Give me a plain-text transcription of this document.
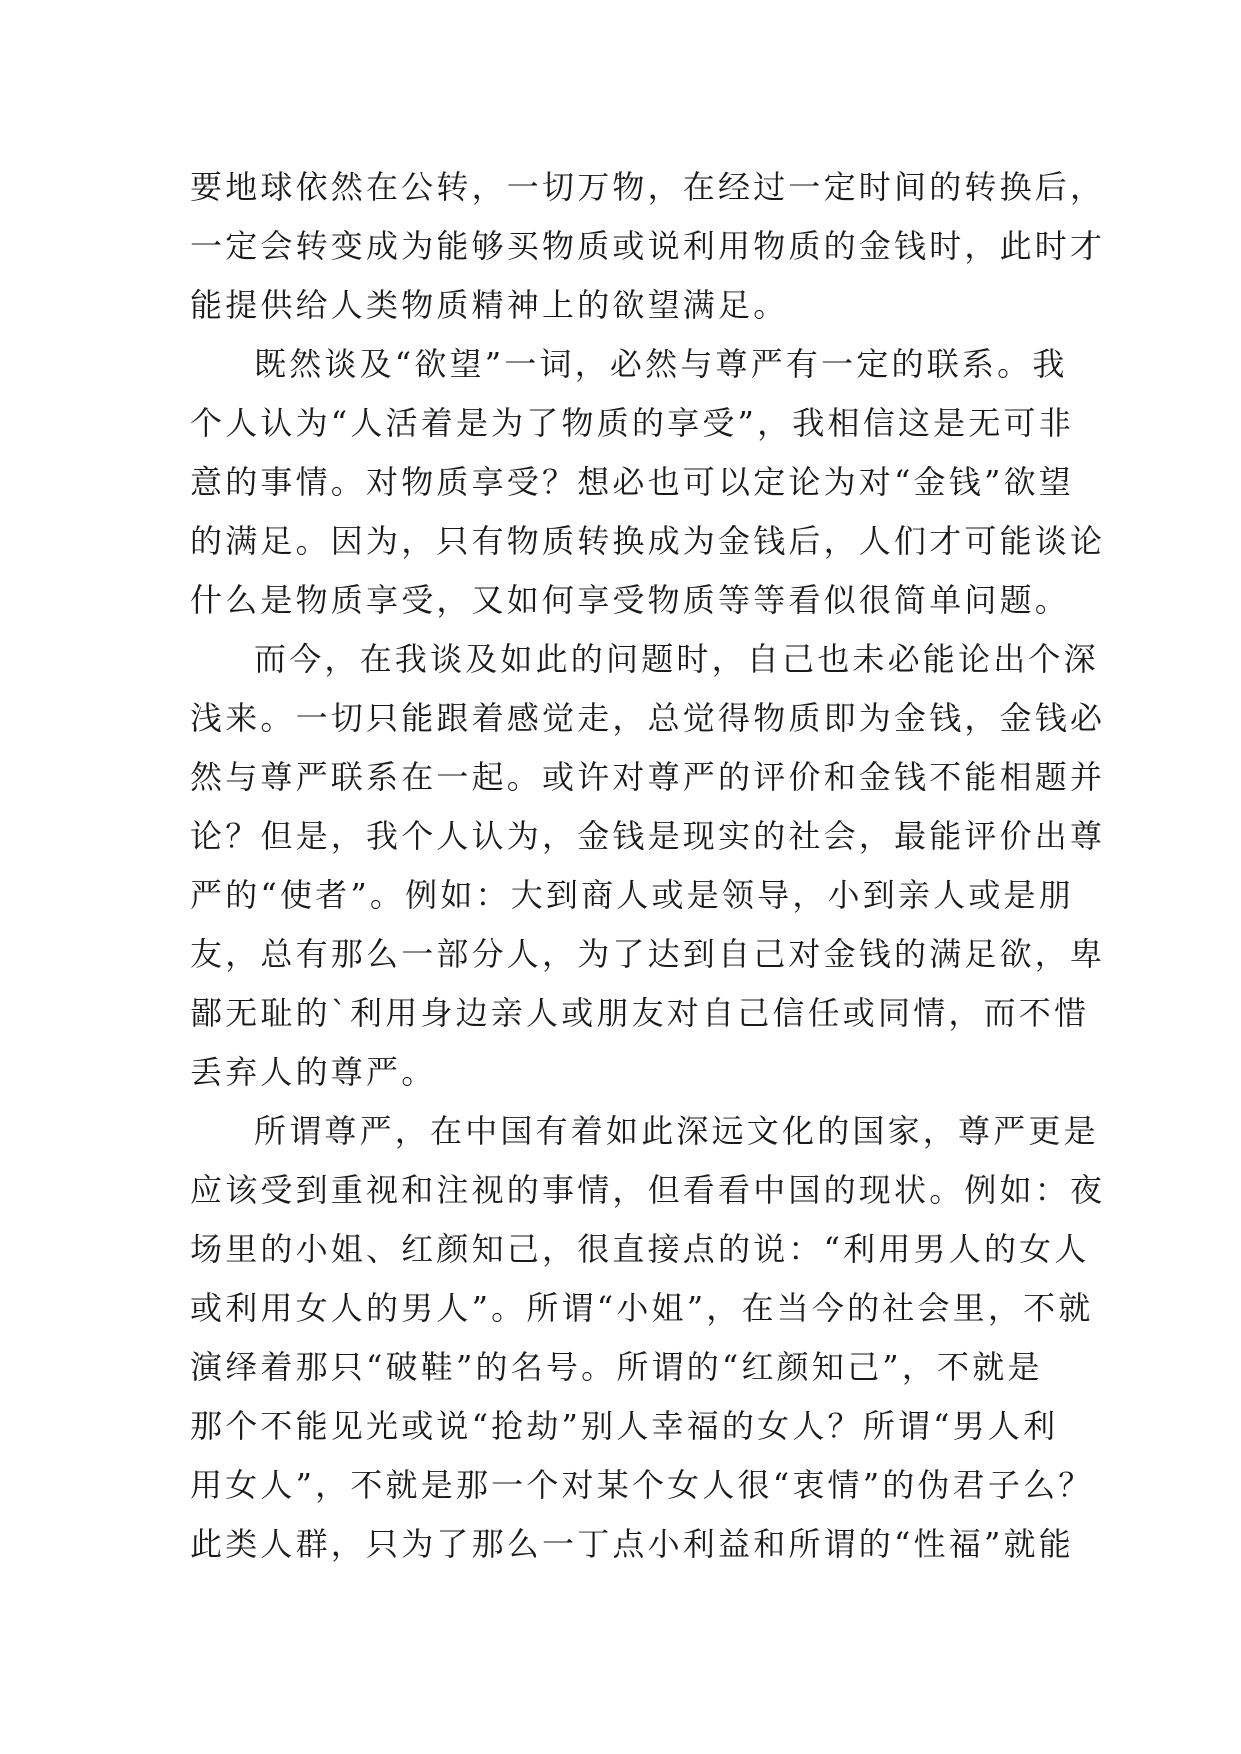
要地球依然在公转，一切万物，在经过一定时间的转换后，
一定会转变成为能够买物质或说利用物质的金钱时，此时才
能提供给人类物质精神上的欲望满足。
既然谈及“欲望”一词，必然与尊严有一定的联系。我
个人认为“人活着是为了物质的享受”，我相信这是无可非
意的事情。对物质享受？想必也可以定论为对“金钱”欲望
的满足。因为，只有物质转换成为金钱后，人们才可能谈论
什么是物质享受，又如何享受物质等等看似很简单问题。
而今，在我谈及如此的问题时，自己也未必能论出个深
浅来。一切只能跟着感觉走，总觉得物质即为金钱，金钱必
然与尊严联系在一起。或许对尊严的评价和金钱不能相题并
论？但是，我个人认为，金钱是现实的社会，最能评价出尊
严的“使者”。例如：大到商人或是领导，小到亲人或是朋
友，总有那么一部分人，为了达到自己对金钱的满足欲，卑
鄙无耻的`利用身边亲人或朋友对自己信任或同情，而不惜
丢弃人的尊严。
所谓尊严，在中国有着如此深远文化的国家，尊严更是
应该受到重视和注视的事情，但看看中国的现状。例如：夜
场里的小姐、红颜知己，很直接点的说：“利用男人的女人
或利用女人的男人”。所谓“小姐”，在当今的社会里，不就
演绎着那只“破鞋”的名号。所谓的“红颜知己”，不就是
那个不能见光或说“抢劫”别人幸福的女人？所谓“男人利
用女人”，不就是那一个对某个女人很“衷情”的伪君子么？
此类人群，只为了那么一丁点小利益和所谓的“性福”就能
